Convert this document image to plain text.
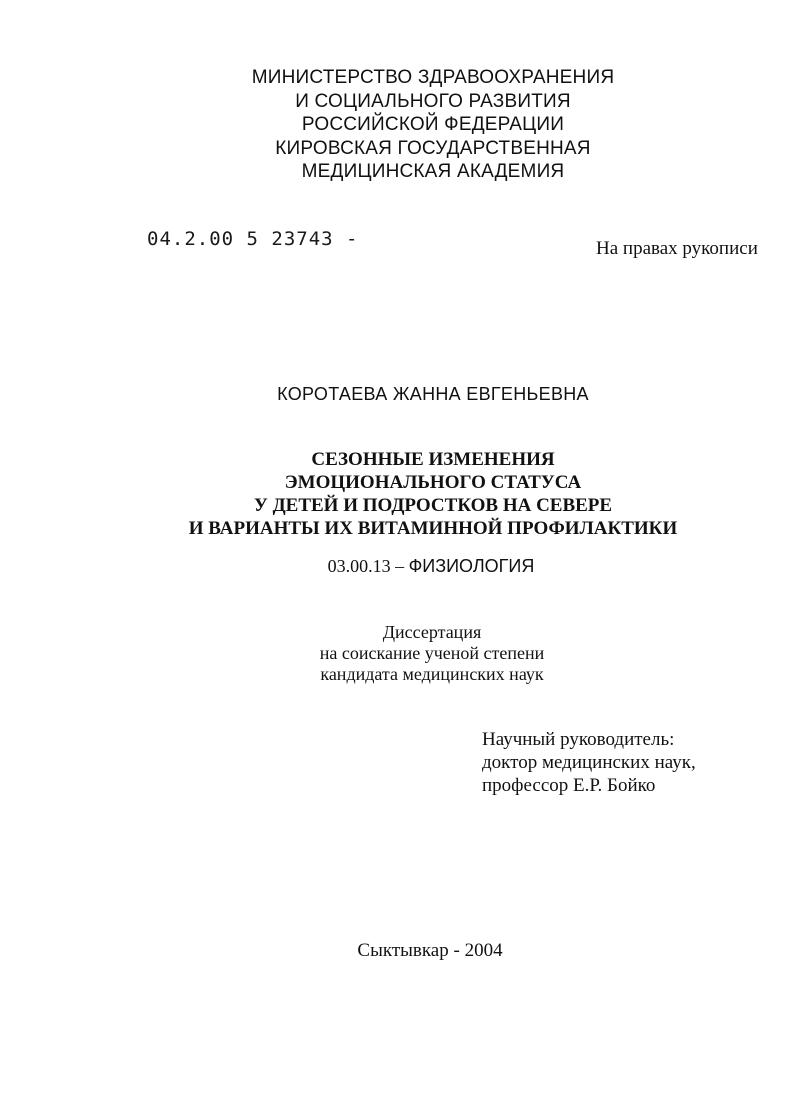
МИНИСТЕРСТВО ЗДРАВООХРАНЕНИЯ
И СОЦИАЛЬНОГО РАЗВИТИЯ
РОССИЙСКОЙ ФЕДЕРАЦИИ
КИРОВСКАЯ ГОСУДАРСТВЕННАЯ
МЕДИЦИНСКАЯ АКАДЕМИЯ
04.2.00 5 23743 -	На правах рукописи
КОРОТАЕВА ЖАННА ЕВГЕНЬЕВНА
СЕЗОННЫЕ ИЗМЕНЕНИЯ
ЭМОЦИОНАЛЬНОГО СТАТУСА
У ДЕТЕЙ И ПОДРОСТКОВ НА СЕВЕРЕ
И ВАРИАНТЫ ИХ ВИТАМИННОЙ ПРОФИЛАКТИКИ
03.00.13 – ФИЗИОЛОГИЯ
Диссертация
на соискание ученой степени
кандидата медицинских наук
Научный руководитель:
доктор медицинских наук,
профессор Е.Р. Бойко
Сыктывкар - 2004
